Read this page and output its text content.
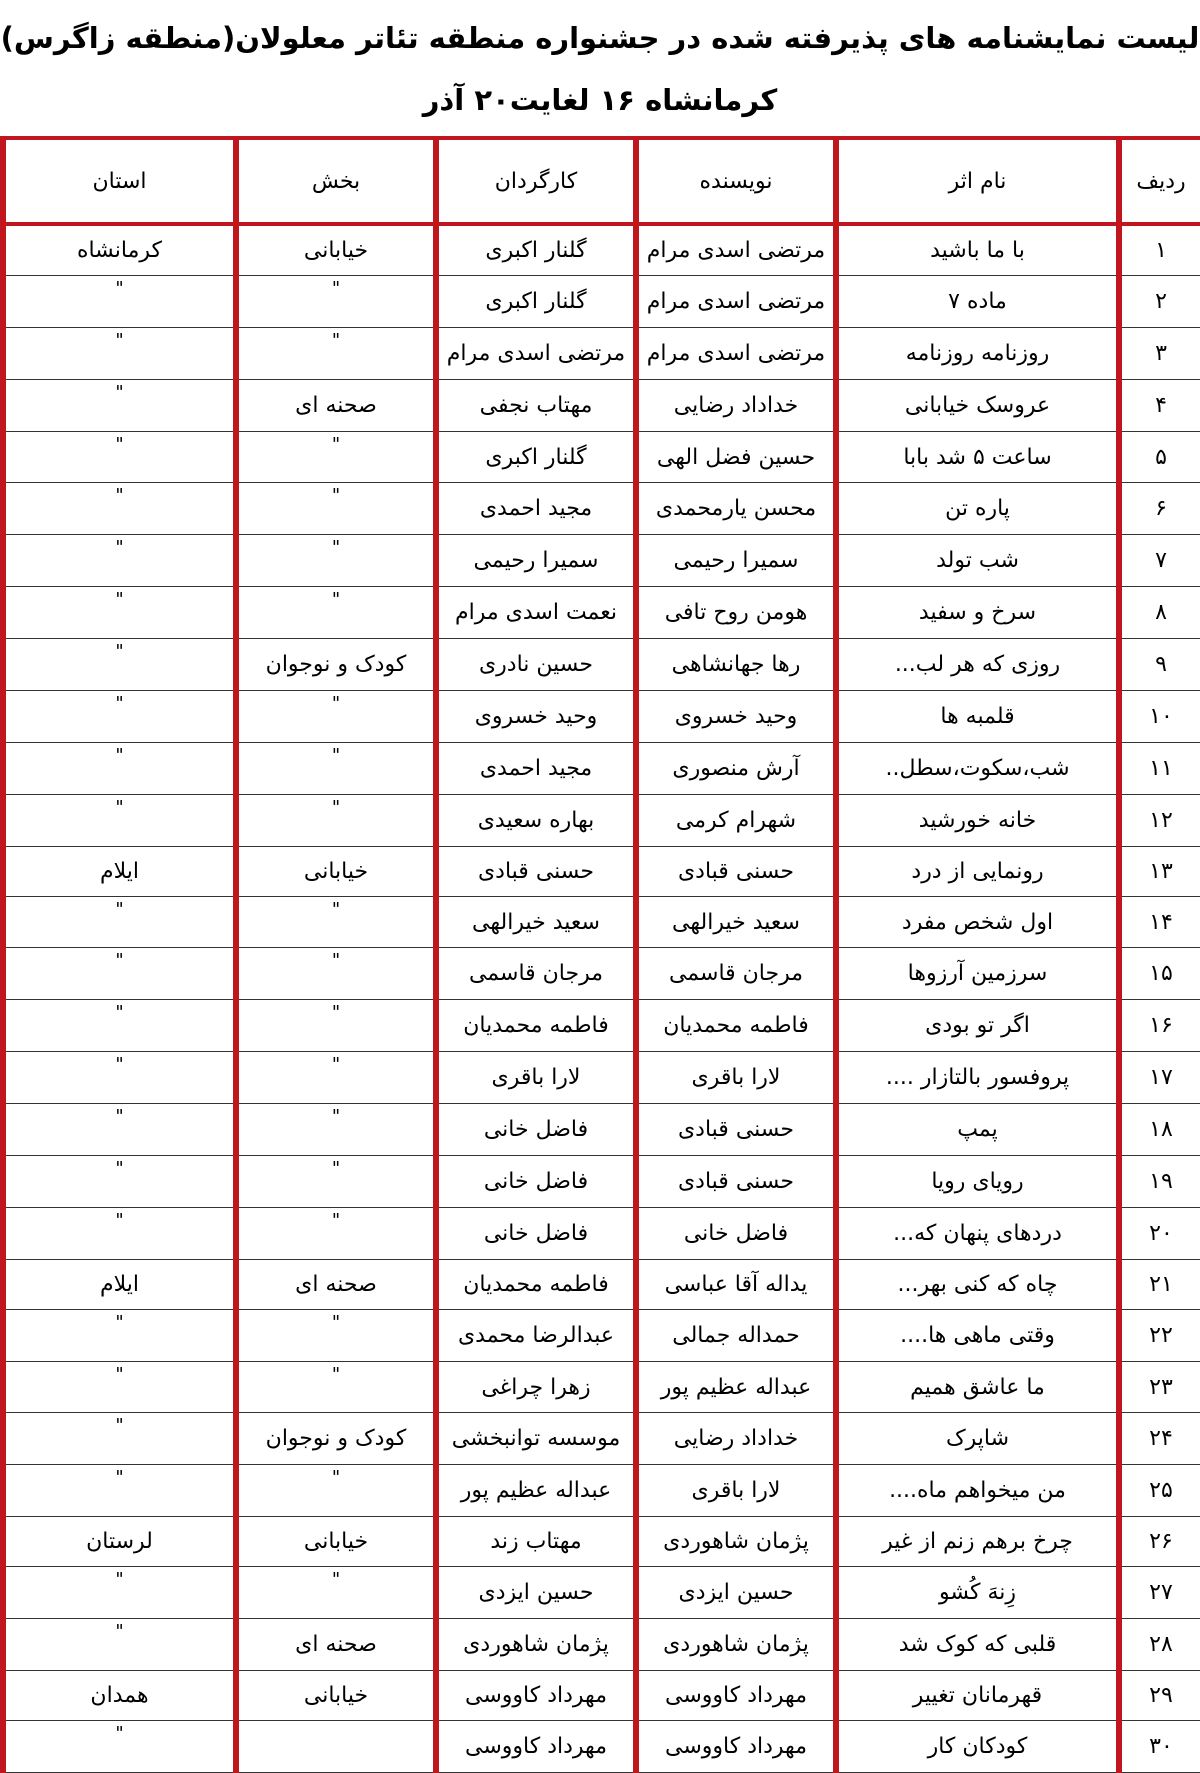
لیست نمایشنامه های پذیرفته شده در جشنواره منطقه تئاتر معلولان(منطقه زاگرس)
کرمانشاه ۱۶ لغایت۲۰ آذر
ردیف	نام اثر	نویسنده	کارگردان	بخش	استان
۱	با ما باشید	مرتضی اسدی مرام	گلنار اکبری	خیابانی	کرمانشاه
۲	ماده ۷	مرتضی اسدی مرام	گلنار اکبری	"	"
۳	روزنامه روزنامه	مرتضی اسدی مرام	مرتضی اسدی مرام	"	"
۴	عروسک خیابانی	خداداد رضایی	مهتاب نجفی	صحنه ای	"
۵	ساعت ۵ شد بابا	حسین فضل الهی	گلنار اکبری	"	"
۶	پاره تن	محسن یارمحمدی	مجید احمدی	"	"
۷	شب تولد	سمیرا رحیمی	سمیرا رحیمی	"	"
۸	سرخ و سفید	هومن روح تافی	نعمت اسدی مرام	"	"
۹	روزی که هر لب...	رها جهانشاهی	حسین نادری	کودک و نوجوان	"
۱۰	قلمبه ها	وحید خسروی	وحید خسروی	"	"
۱۱	شب،سکوت،سطل..	آرش منصوری	مجید احمدی	"	"
۱۲	خانه خورشید	شهرام کرمی	بهاره سعیدی	"	"
۱۳	رونمایی از درد	حسنی قبادی	حسنی قبادی	خیابانی	ایلام
۱۴	اول شخص مفرد	سعید خیرالهی	سعید خیرالهی	"	"
۱۵	سرزمین آرزوها	مرجان قاسمی	مرجان قاسمی	"	"
۱۶	اگر تو بودی	فاطمه محمدیان	فاطمه محمدیان	"	"
۱۷	پروفسور بالتازار ....	لارا باقری	لارا باقری	"	"
۱۸	پمپ	حسنی قبادی	فاضل خانی	"	"
۱۹	رویای رویا	حسنی قبادی	فاضل خانی	"	"
۲۰	دردهای پنهان که...	فاضل خانی	فاضل خانی	"	"
۲۱	چاه که کنی بهر...	یداله آقا عباسی	فاطمه محمدیان	صحنه ای	ایلام
۲۲	وقتی ماهی ها....	حمداله جمالی	عبدالرضا محمدی	"	"
۲۳	ما عاشق همیم	عبداله عظیم پور	زهرا چراغی	"	"
۲۴	شاپرک	خداداد رضایی	موسسه توانبخشی	کودک و نوجوان	"
۲۵	من میخواهم ماه....	لارا باقری	عبداله عظیم پور	"	"
۲۶	چرخ برهم زنم از غیر	پژمان شاهوردی	مهتاب زند	خیابانی	لرستان
۲۷	زِنهَ کُشو	حسین ایزدی	حسین ایزدی	"	"
۲۸	قلبی که کوک شد	پژمان شاهوردی	پژمان شاهوردی	صحنه ای	"
۲۹	قهرمانان تغییر	مهرداد کاووسی	مهرداد کاووسی	خیابانی	همدان
۳۰	کودکان کار	مهرداد کاووسی	مهرداد کاووسی		"
